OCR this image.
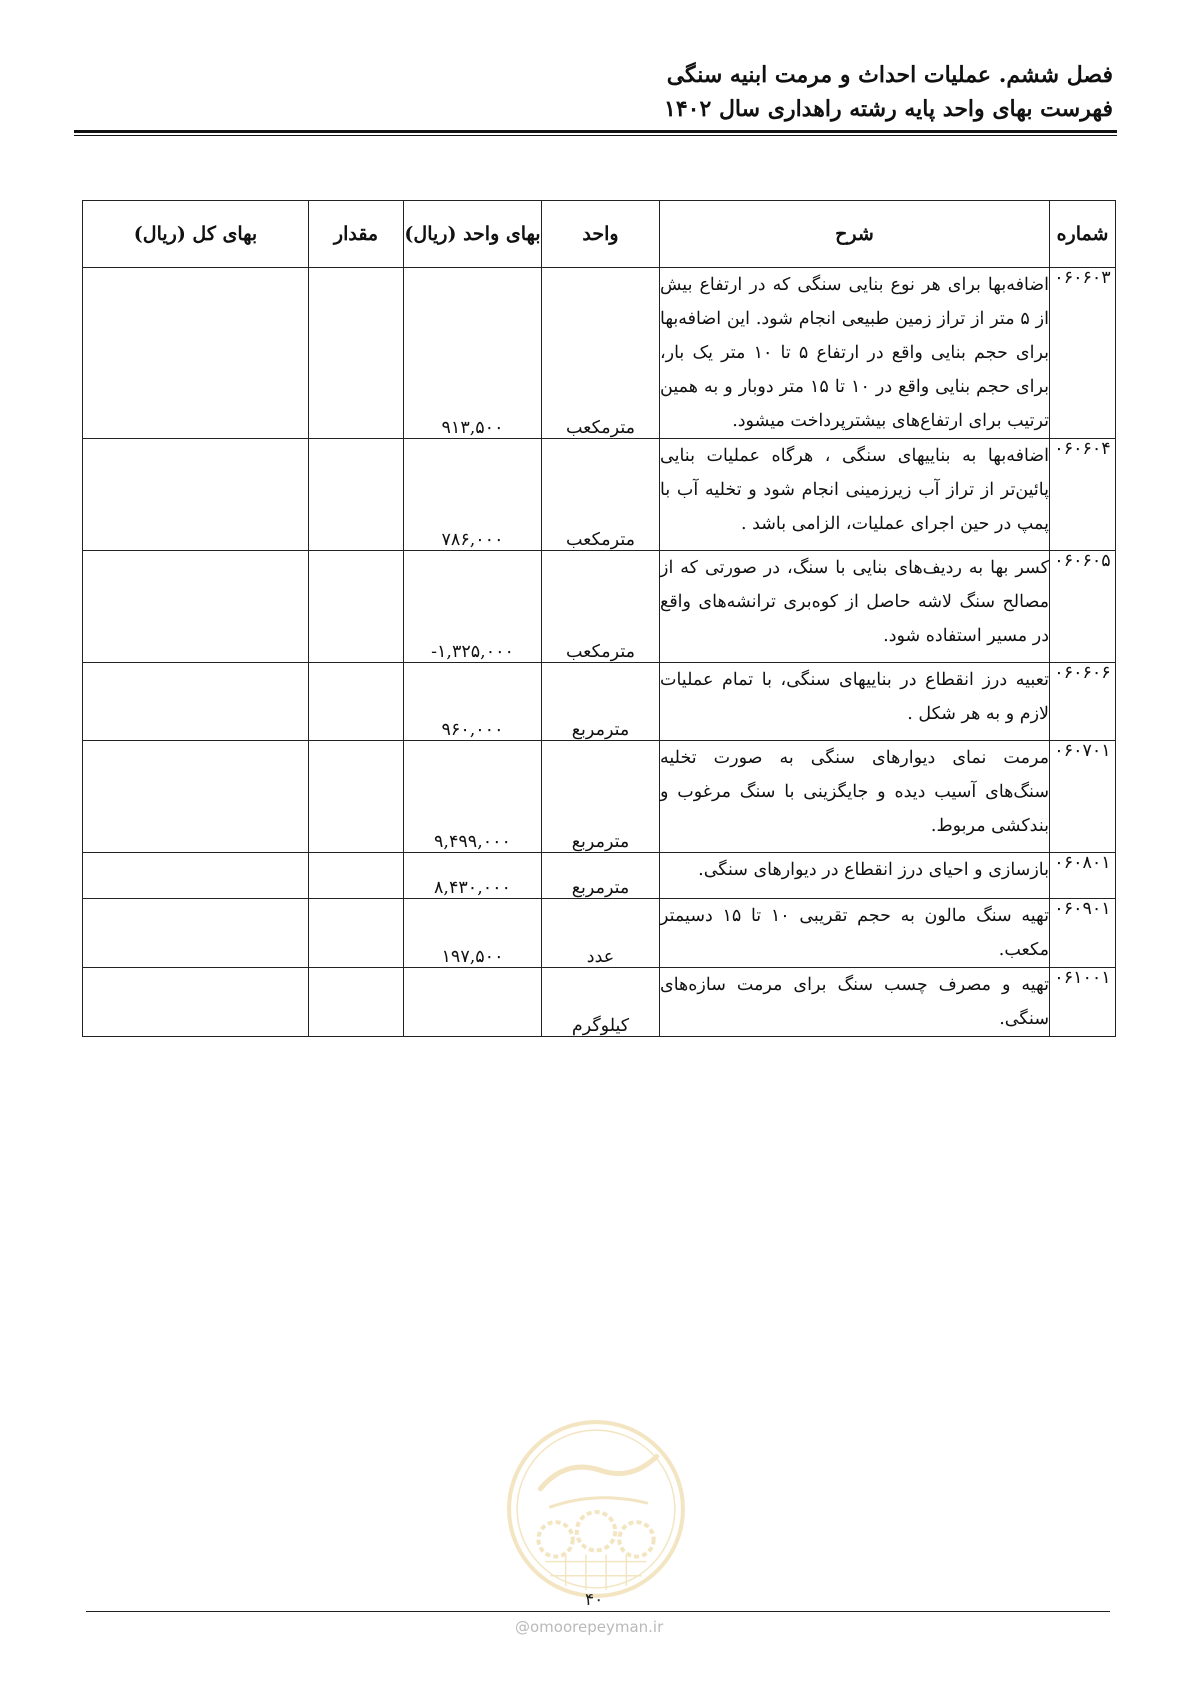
فصل ششم. عملیات احداث و مرمت ابنیه سنگی
فهرست بهای واحد پایه رشته راهداری سال ۱۴۰۲
شماره	شرح	واحد	بهای واحد (ریال)	مقدار	بهای کل (ریال)
۰۶۰۶۰۳	اضافه‌بها برای هر نوع بنایی سنگی که در ارتفاع بیش از ۵ متر از تراز زمین طبیعی انجام شود. این اضافه‌بها برای حجم بنایی واقع در ارتفاع ۵ تا ۱۰ متر یک بار، برای حجم بنایی واقع در ۱۰ تا ۱۵ متر دوبار و به همین ترتیب برای ارتفاع‌های بیشترپرداخت میشود.	مترمکعب	۹۱۳,۵۰۰		
۰۶۰۶۰۴	اضافه‌بها به بناییهای سنگی ، هرگاه عملیات بنایی پائین‌تر از تراز آب زیرزمینی انجام شود و تخلیه آب با پمپ در حین اجرای عملیات، الزامی باشد .	مترمکعب	۷۸۶,۰۰۰		
۰۶۰۶۰۵	کسر بها به ردیف‌های بنایی با سنگ، در صورتی که از مصالح سنگ لاشه حاصل از کوه‌بری ترانشه‌های واقع در مسیر استفاده شود.	مترمکعب	-۱,۳۲۵,۰۰۰		
۰۶۰۶۰۶	تعبیه درز انقطاع در بناییهای سنگی، با تمام عملیات لازم و به هر شکل .	مترمربع	۹۶۰,۰۰۰		
۰۶۰۷۰۱	مرمت نمای دیوارهای سنگی به صورت تخلیه سنگ‌های آسیب دیده و جایگزینی با سنگ مرغوب و بندکشی مربوط.	مترمربع	۹,۴۹۹,۰۰۰		
۰۶۰۸۰۱	بازسازی و احیای درز انقطاع در دیوارهای سنگی.	مترمربع	۸,۴۳۰,۰۰۰		
۰۶۰۹۰۱	تهیه سنگ مالون به حجم تقریبی ۱۰ تا ۱۵ دسیمتر مکعب.	عدد	۱۹۷,۵۰۰		
۰۶۱۰۰۱	تهیه و مصرف چسب سنگ برای مرمت سازه‌های سنگی.	کیلوگرم			
۴۰
@omoorepeyman.ir
